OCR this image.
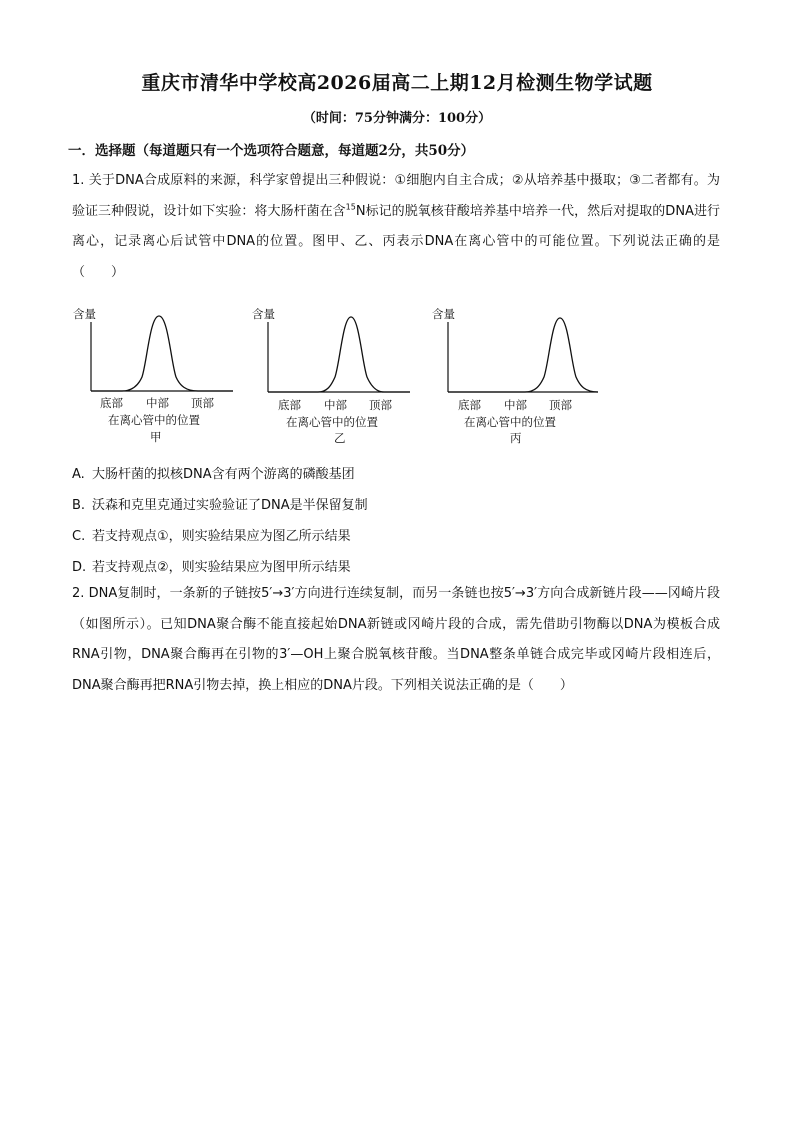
重庆市清华中学校高2026届高二上期12月检测生物学试题
（时间：75分钟满分：100分）
一．选择题（每道题只有一个选项符合题意，每道题2分，共50分）
1. 关于DNA合成原料的来源，科学家曾提出三种假说：①细胞内自主合成；②从培养基中摄取；③二者都有。为验证三种假说，设计如下实验：将大肠杆菌在含$^{15}$N标记的脱氧核苷酸培养基中培养一代，然后对提取的DNA进行离心，记录离心后试管中DNA的位置。图甲、乙、丙表示DNA在离心管中的可能位置。下列说法正确的是（　　）
含量
底部 中部 顶部
在离心管中的位置
甲
含量
底部 中部 顶部
在离心管中的位置
乙
含量
底部 中部 顶部
在离心管中的位置
丙
A. 大肠杆菌的拟核DNA含有两个游离的磷酸基团
B. 沃森和克里克通过实验验证了DNA是半保留复制
C. 若支持观点①，则实验结果应为图乙所示结果
D. 若支持观点②，则实验结果应为图甲所示结果
2. DNA复制时，一条新的子链按5′→3′方向进行连续复制，而另一条链也按5′→3′方向合成新链片段——冈崎片段（如图所示）。已知DNA聚合酶不能直接起始DNA新链或冈崎片段的合成，需先借助引物酶以DNA为模板合成RNA引物，DNA聚合酶再在引物的3′—OH上聚合脱氧核苷酸。当DNA整条单链合成完毕或冈崎片段相连后，DNA聚合酶再把RNA引物去掉，换上相应的DNA片段。下列相关说法正确的是（　　）
